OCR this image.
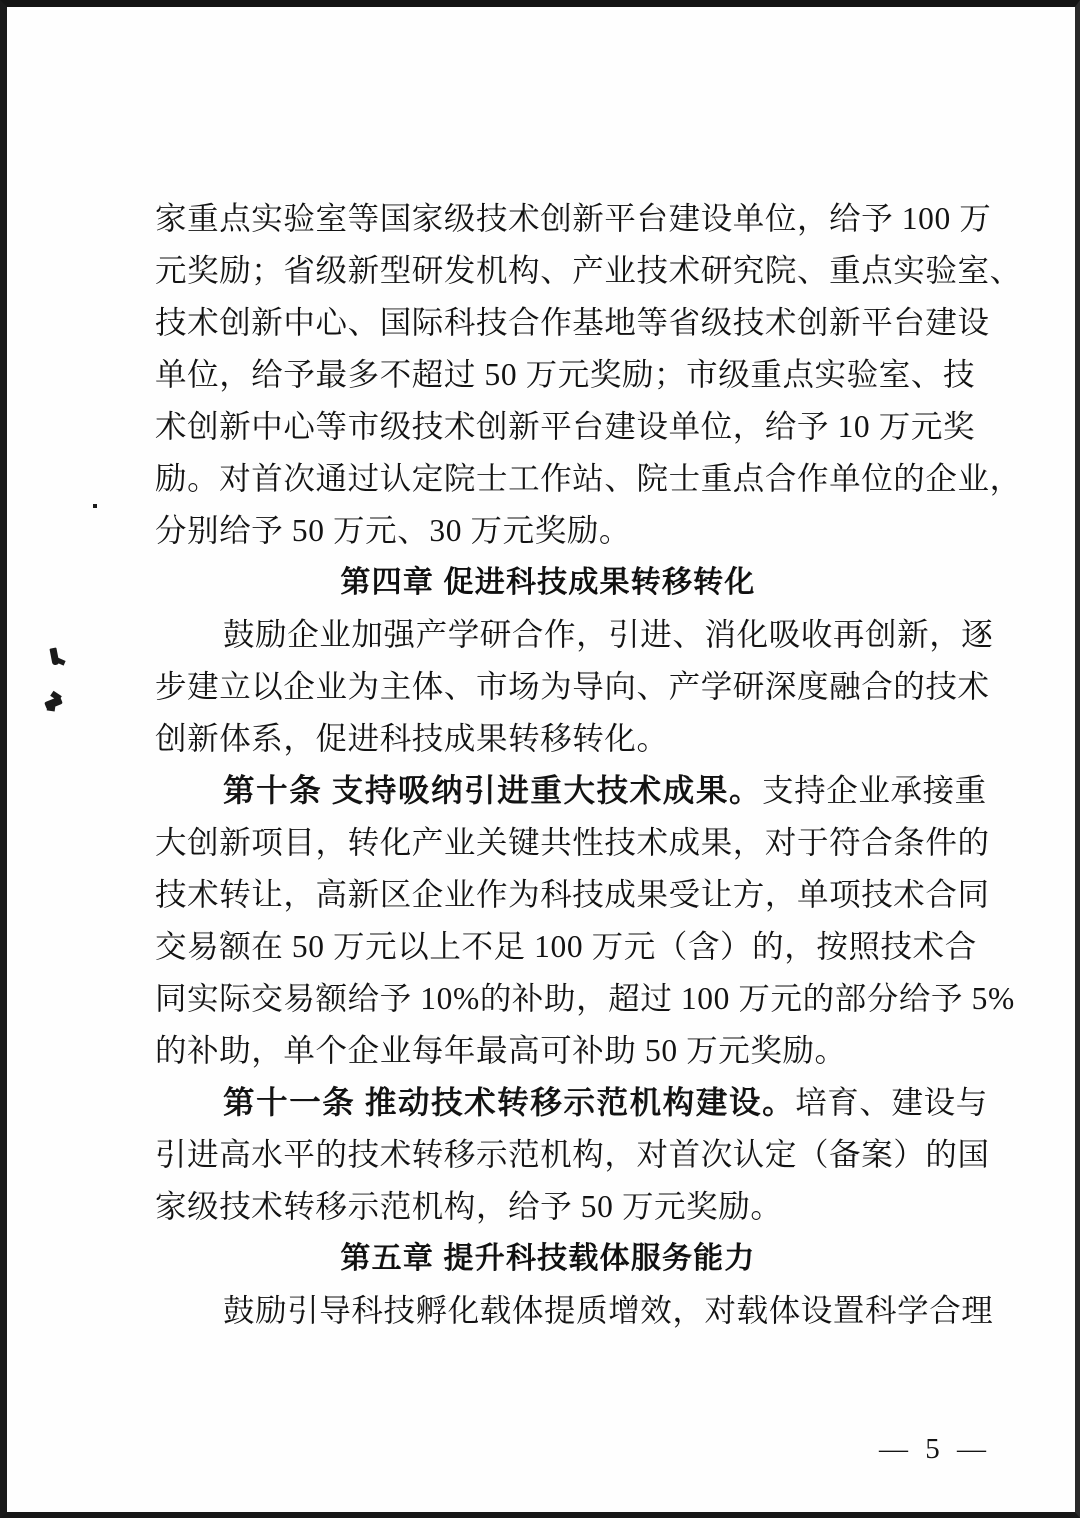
家重点实验室等国家级技术创新平台建设单位，给予 100 万
元奖励；省级新型研发机构、产业技术研究院、重点实验室、
技术创新中心、国际科技合作基地等省级技术创新平台建设
单位，给予最多不超过 50 万元奖励；市级重点实验室、技
术创新中心等市级技术创新平台建设单位，给予 10 万元奖
励。对首次通过认定院士工作站、院士重点合作单位的企业，
分别给予 50 万元、30 万元奖励。
第四章 促进科技成果转移转化
鼓励企业加强产学研合作，引进、消化吸收再创新，逐
步建立以企业为主体、市场为导向、产学研深度融合的技术
创新体系，促进科技成果转移转化。
第十条 支持吸纳引进重大技术成果。支持企业承接重
大创新项目，转化产业关键共性技术成果，对于符合条件的
技术转让，高新区企业作为科技成果受让方，单项技术合同
交易额在 50 万元以上不足 100 万元（含）的，按照技术合
同实际交易额给予 10%的补助，超过 100 万元的部分给予 5%
的补助，单个企业每年最高可补助 50 万元奖励。
第十一条 推动技术转移示范机构建设。培育、建设与
引进高水平的技术转移示范机构，对首次认定（备案）的国
家级技术转移示范机构，给予 50 万元奖励。
第五章 提升科技载体服务能力
鼓励引导科技孵化载体提质增效，对载体设置科学合理
— 5 —
